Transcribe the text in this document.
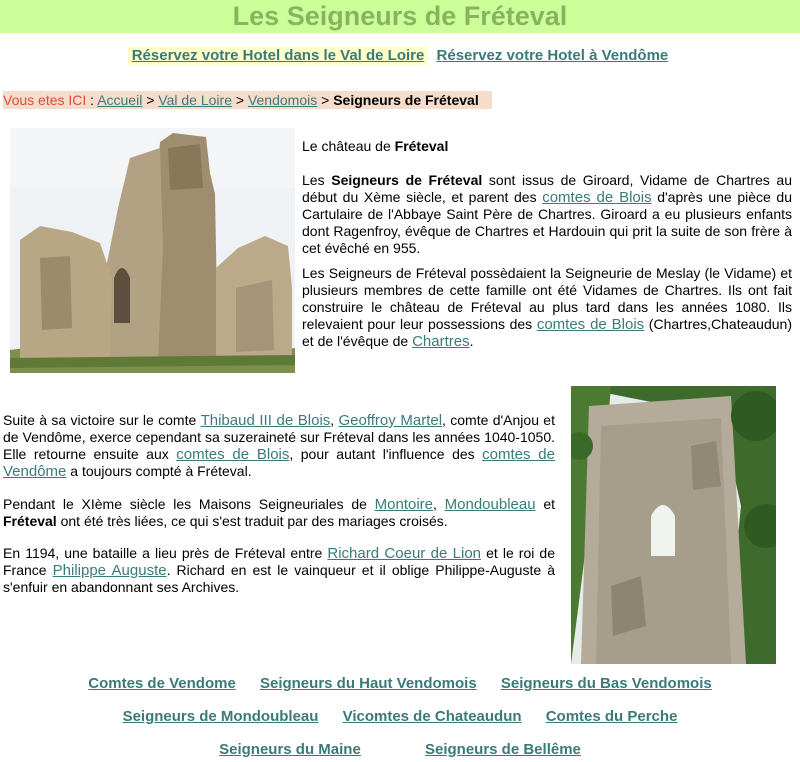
Les Seigneurs de Fréteval
Réservez votre Hotel dans le Val de Loire Réservez votre Hotel à Vendôme
Vous etes ICI : Accueil > Val de Loire > Vendomois > Seigneurs de Fréteval

Le château de Fréteval

Les Seigneurs de Fréteval sont issus de Giroard, Vidame de Chartres au début du Xème siècle, et parent des comtes de Blois d'après une pièce du Cartulaire de l'Abbaye Saint Père de Chartres. Giroard a eu plusieurs enfants dont Ragenfroy, évêque de Chartres et Hardouin qui prit la suite de son frère à cet évêché en 955.

Les Seigneurs de Fréteval possèdaient la Seigneurie de Meslay (le Vidame) et plusieurs membres de cette famille ont été Vidames de Chartres. Ils ont fait construire le château de Fréteval au plus tard dans les années 1080. Ils relevaient pour leur possessions des comtes de Blois (Chartres,Chateaudun) et de l'évêque de Chartres.

Suite à sa victoire sur le comte Thibaud III de Blois, Geoffroy Martel, comte d'Anjou et de Vendôme, exerce cependant sa suzeraineté sur Fréteval dans les années 1040-1050. Elle retourne ensuite aux comtes de Blois, pour autant l'influence des comtes de Vendôme a toujours compté à Fréteval.

Pendant le XIème siècle les Maisons Seigneuriales de Montoire, Mondoubleau et Fréteval ont été très liées, ce qui s'est traduit par des mariages croisés.

En 1194, une bataille a lieu près de Fréteval entre Richard Coeur de Lion et le roi de France Philippe Auguste. Richard en est le vainqueur et il oblige Philippe-Auguste à s'enfuir en abandonnant ses Archives.

Comtes de Vendome Seigneurs du Haut Vendomois Seigneurs du Bas Vendomois
Seigneurs de Mondoubleau Vicomtes de Chateaudun Comtes du Perche
Seigneurs du Maine	Seigneurs de Bellême
